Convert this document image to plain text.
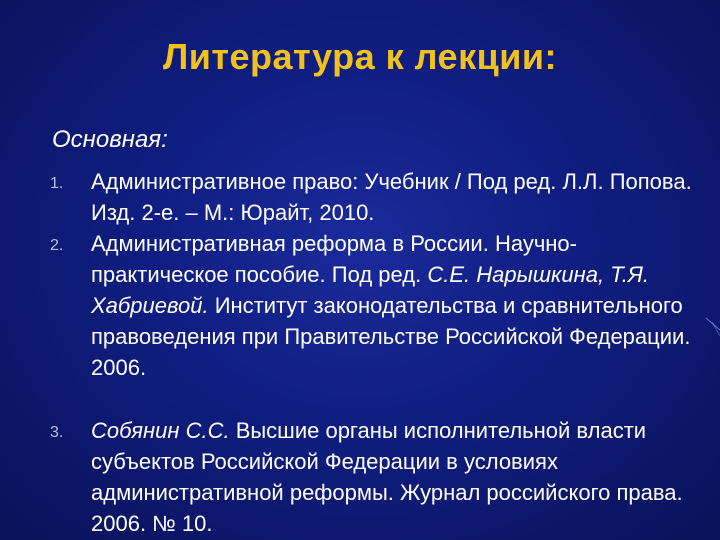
Литература к лекции:
Основная:
1. Административное право: Учебник / Под ред. Л.Л. Попова. Изд. 2-е. – М.: Юрайт, 2010.
2. Административная реформа в России. Научно-практическое пособие. Под ред. С.Е. Нарышкина, Т.Я. Хабриевой. Институт законодательства и сравнительного правоведения при Правительстве Российской Федерации. 2006.
3. Собянин С.С. Высшие органы исполнительной власти субъектов Российской Федерации в условиях административной реформы. Журнал российского права. 2006. № 10.
